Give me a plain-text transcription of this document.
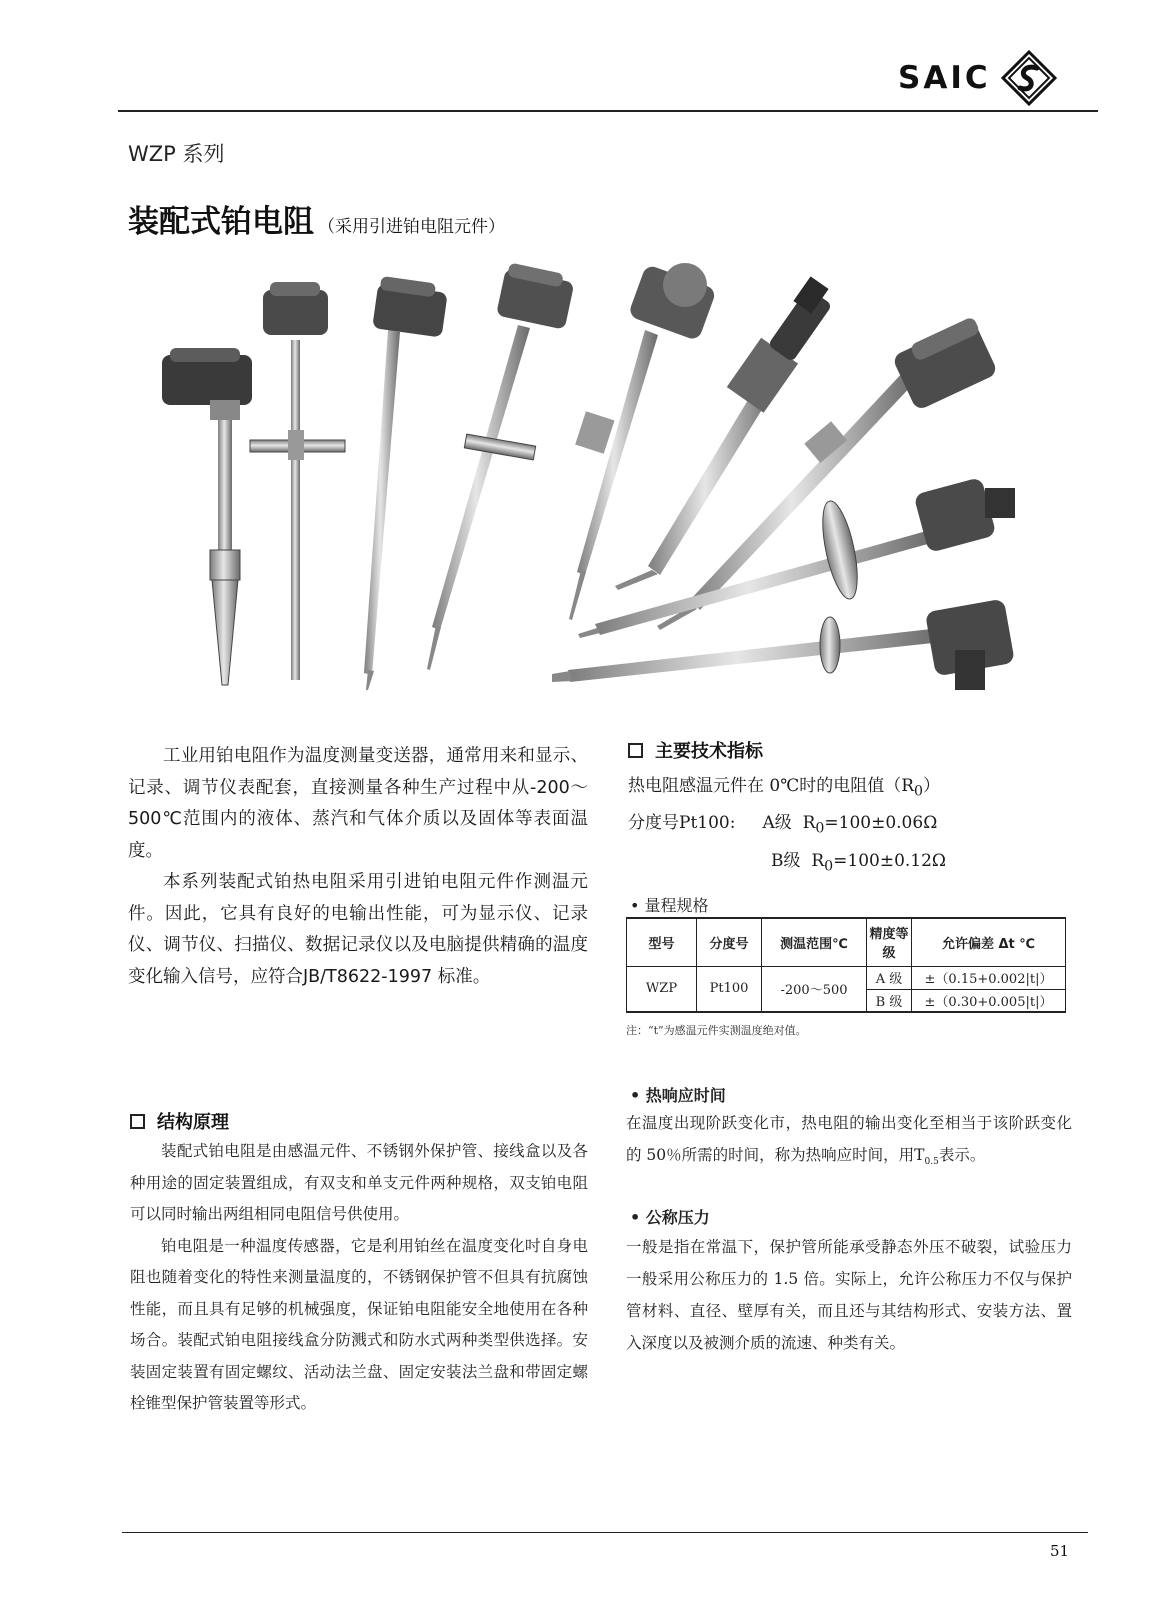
SAIC
WZP 系列
装配式铂电阻 （采用引进铂电阻元件）

工业用铂电阻作为温度测量变送器，通常用来和显示、记录、调节仪表配套，直接测量各种生产过程中从-200～500℃范围内的液体、蒸汽和气体介质以及固体等表面温度。

本系列装配式铂热电阻采用引进铂电阻元件作测温元件。因此，它具有良好的电输出性能，可为显示仪、记录仪、调节仪、扫描仪、数据记录仪以及电脑提供精确的温度变化输入信号，应符合JB/T8622-1997 标准。

主要技术指标
热电阻感温元件在 0℃时的电阻值$(R_0)$
分度号Pt100: A级 $R_0=100\pm 0.06\Omega$
B级 $R_0=100\pm 0.12\Omega$
• 量程规格
型号	分度号	测温范围℃	精度等级	允许偏差 Δt ℃
WZP	Pt100	-200～500	A 级	±（0.15+0.002|t|）
			B 级	±（0.30+0.005|t|）
注：“t”为感温元件实测温度绝对值。
• 热响应时间
在温度出现阶跃变化市，热电阻的输出变化至相当于该阶跃变化的 50％所需的时间，称为热响应时间，用$T_{0.5}$表示。
结构原理

装配式铂电阻是由感温元件、不锈钢外保护管、接线盒以及各种用途的固定装置组成，有双支和单支元件两种规格，双支铂电阻可以同时输出两组相同电阻信号供使用。

铂电阻是一种温度传感器，它是利用铂丝在温度变化吋自身电阻也随着变化的特性来测量温度的，不锈钢保护管不但具有抗腐蚀性能，而且具有足够的机械强度，保证铂电阻能安全地使用在各种场合。装配式铂电阻接线盒分防溅式和防水式两种类型供选择。安装固定装置有固定螺纹、活动法兰盘、固定安装法兰盘和带固定螺栓锥型保护管装置等形式。

• 公称压力
一般是指在常温下，保护管所能承受静态外压不破裂，试验压力一般采用公称压力的 1.5 倍。实际上，允许公称压力不仅与保护管材料、直径、壁厚有关，而且还与其结构形式、安装方法、置入深度以及被测介质的流速、种类有关。
51
